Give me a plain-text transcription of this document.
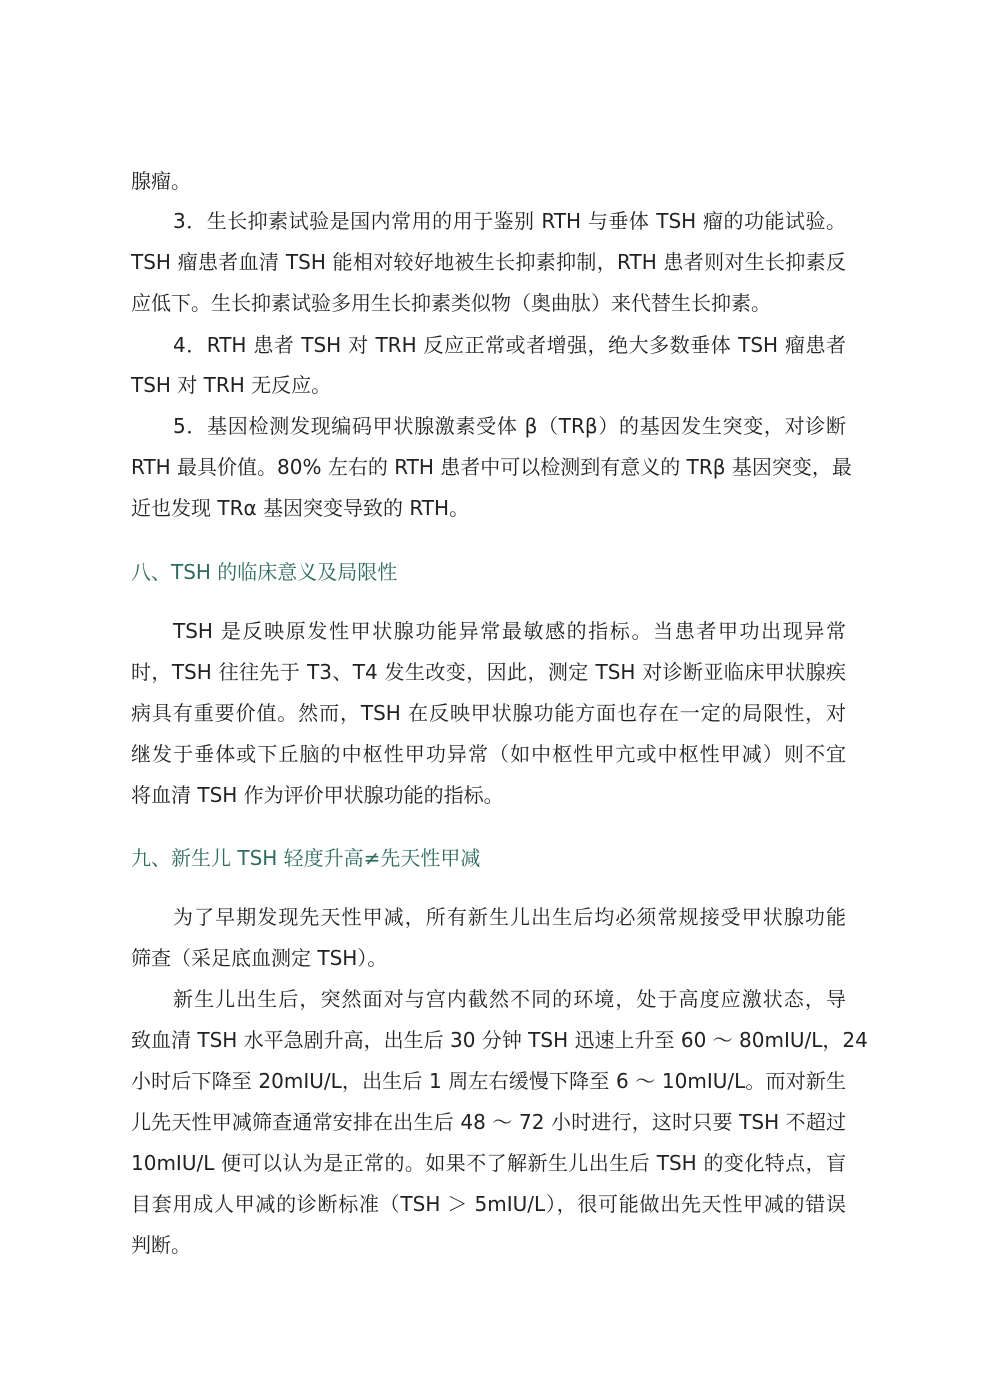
腺瘤。
3．生长抑素试验是国内常用的用于鉴别 RTH 与垂体 TSH 瘤的功能试验。
TSH 瘤患者血清 TSH 能相对较好地被生长抑素抑制，RTH 患者则对生长抑素反
应低下。生长抑素试验多用生长抑素类似物（奥曲肽）来代替生长抑素。
4．RTH 患者 TSH 对 TRH 反应正常或者增强，绝大多数垂体 TSH 瘤患者
TSH 对 TRH 无反应。
5．基因检测发现编码甲状腺激素受体 β（TRβ）的基因发生突变，对诊断
RTH 最具价值。80% 左右的 RTH 患者中可以检测到有意义的 TRβ 基因突变，最
近也发现 TRα 基因突变导致的 RTH。
八、TSH 的临床意义及局限性
TSH 是反映原发性甲状腺功能异常最敏感的指标。当患者甲功出现异常
时，TSH 往往先于 T3、T4 发生改变，因此，测定 TSH 对诊断亚临床甲状腺疾
病具有重要价值。然而，TSH 在反映甲状腺功能方面也存在一定的局限性，对
继发于垂体或下丘脑的中枢性甲功异常（如中枢性甲亢或中枢性甲减）则不宜
将血清 TSH 作为评价甲状腺功能的指标。
九、新生儿 TSH 轻度升高≠先天性甲减
为了早期发现先天性甲减，所有新生儿出生后均必须常规接受甲状腺功能
筛查（采足底血测定 TSH）。
新生儿出生后，突然面对与宫内截然不同的环境，处于高度应激状态，导
致血清 TSH 水平急剧升高，出生后 30 分钟 TSH 迅速上升至 60 ～ 80mIU/L，24
小时后下降至 20mIU/L，出生后 1 周左右缓慢下降至 6 ～ 10mIU/L。而对新生
儿先天性甲减筛查通常安排在出生后 48 ～ 72 小时进行，这时只要 TSH 不超过
10mIU/L 便可以认为是正常的。如果不了解新生儿出生后 TSH 的变化特点，盲
目套用成人甲减的诊断标准（TSH ＞ 5mIU/L），很可能做出先天性甲减的错误
判断。
